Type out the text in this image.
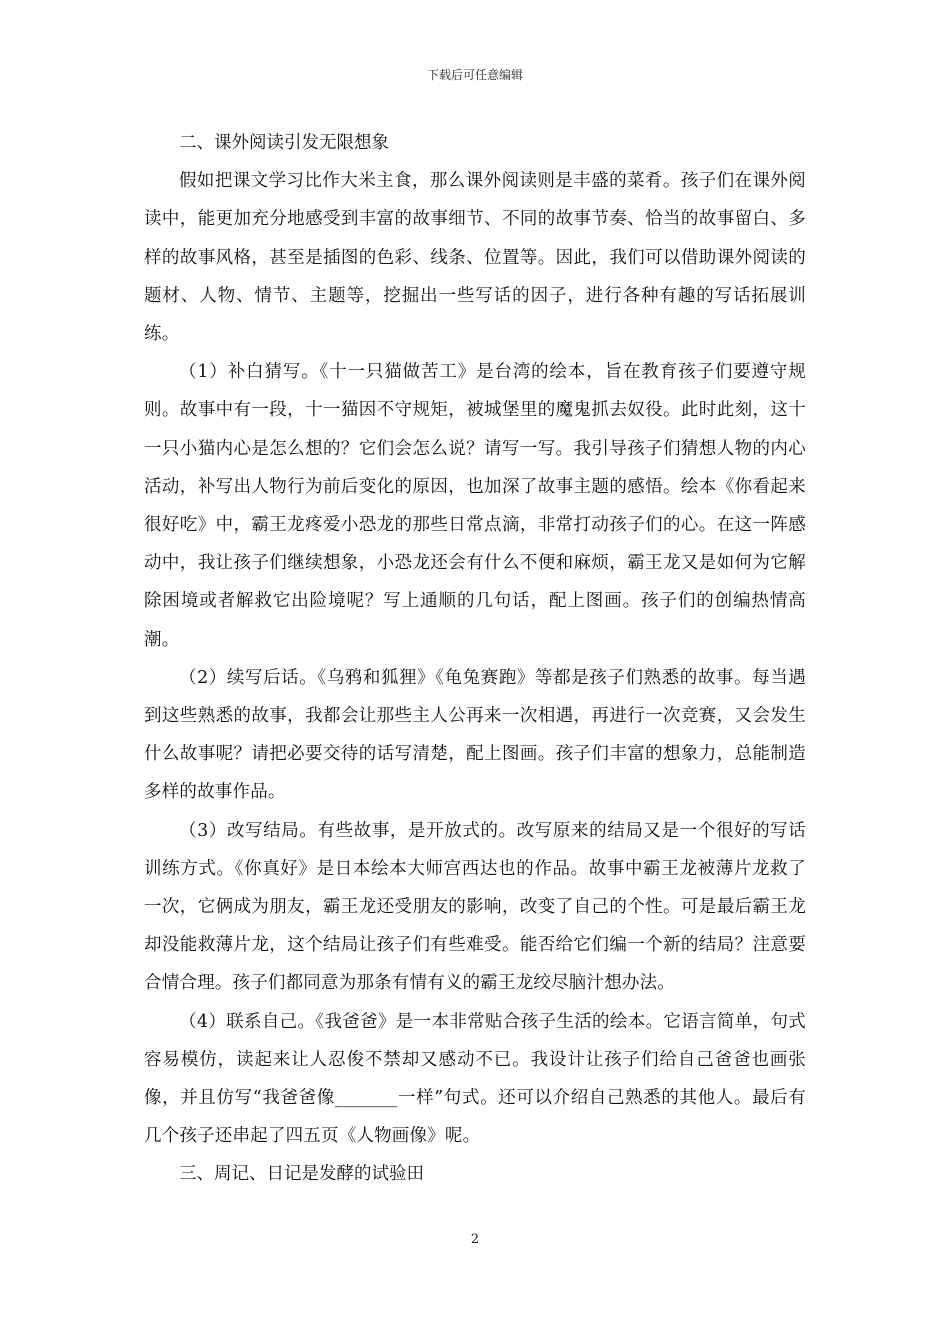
下载后可任意编辑

二、课外阅读引发无限想象

假如把课文学习比作大米主食，那么课外阅读则是丰盛的菜肴。孩子们在课外阅读中，能更加充分地感受到丰富的故事细节、不同的故事节奏、恰当的故事留白、多样的故事风格，甚至是插图的色彩、线条、位置等。因此，我们可以借助课外阅读的题材、人物、情节、主题等，挖掘出一些写话的因子，进行各种有趣的写话拓展训练。

（1）补白猜写。《十一只猫做苦工》是台湾的绘本，旨在教育孩子们要遵守规则。故事中有一段，十一猫因不守规矩，被城堡里的魔鬼抓去奴役。此时此刻，这十一只小猫内心是怎么想的？它们会怎么说？请写一写。我引导孩子们猜想人物的内心活动，补写出人物行为前后变化的原因，也加深了故事主题的感悟。绘本《你看起来很好吃》中，霸王龙疼爱小恐龙的那些日常点滴，非常打动孩子们的心。在这一阵感动中，我让孩子们继续想象，小恐龙还会有什么不便和麻烦，霸王龙又是如何为它解除困境或者解救它出险境呢？写上通顺的几句话，配上图画。孩子们的创编热情高潮。

（2）续写后话。《乌鸦和狐狸》《龟兔赛跑》等都是孩子们熟悉的故事。每当遇到这些熟悉的故事，我都会让那些主人公再来一次相遇，再进行一次竞赛，又会发生什么故事呢？请把必要交待的话写清楚，配上图画。孩子们丰富的想象力，总能制造多样的故事作品。

（3）改写结局。有些故事，是开放式的。改写原来的结局又是一个很好的写话训练方式。《你真好》是日本绘本大师宫西达也的作品。故事中霸王龙被薄片龙救了一次，它俩成为朋友，霸王龙还受朋友的影响，改变了自己的个性。可是最后霸王龙却没能救薄片龙，这个结局让孩子们有些难受。能否给它们编一个新的结局？注意要合情合理。孩子们都同意为那条有情有义的霸王龙绞尽脑汁想办法。

（4）联系自己。《我爸爸》是一本非常贴合孩子生活的绘本。它语言简单，句式容易模仿，读起来让人忍俊不禁却又感动不已。我设计让孩子们给自己爸爸也画张像，并且仿写“我爸爸像_______一样”句式。还可以介绍自己熟悉的其他人。最后有几个孩子还串起了四五页《人物画像》呢。

三、周记、日记是发酵的试验田

2
